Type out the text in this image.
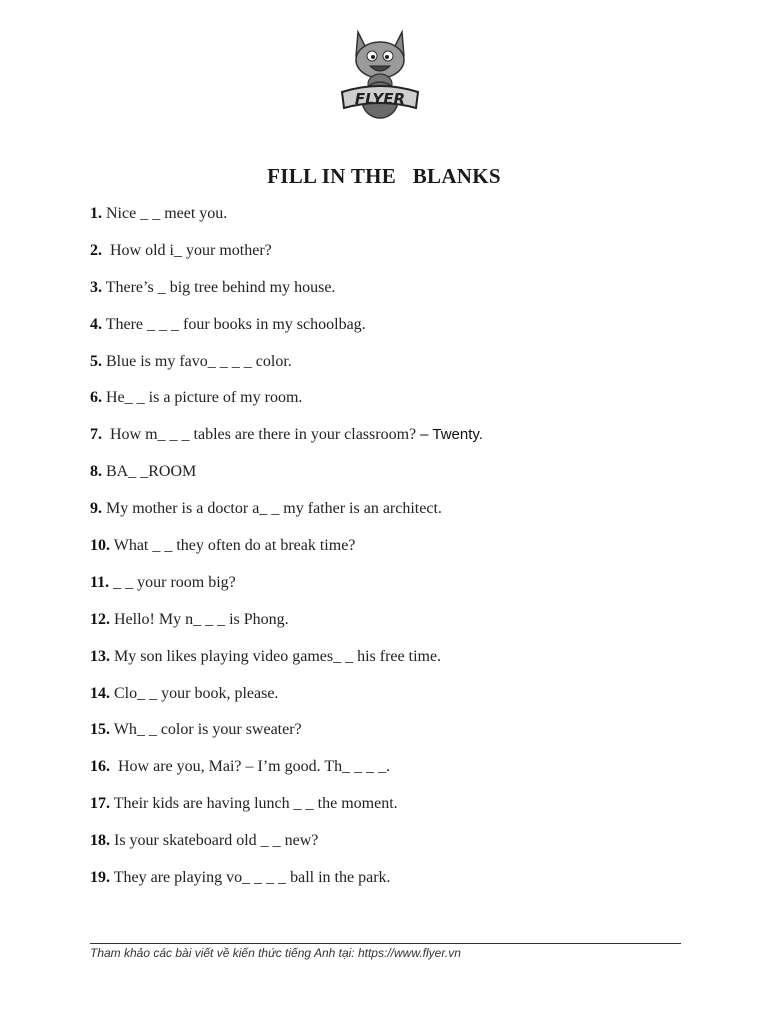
FLYER
FILL IN THE   BLANKS
1. Nice _ _ meet you.
2.  How old i_ your mother?
3. There’s _ big tree behind my house.
4. There _ _ _ four books in my schoolbag.
5. Blue is my favo_ _ _ _ color.
6. He_ _ is a picture of my room.
7.  How m_ _ _ tables are there in your classroom? – Twenty.
8. BA_ _ROOM
9. My mother is a doctor a_ _ my father is an architect.
10. What _ _ they often do at break time?
11. _ _ your room big?
12. Hello! My n_ _ _ is Phong.
13. My son likes playing video games_ _ his free time.
14. Clo_ _ your book, please.
15. Wh_ _ color is your sweater?
16.  How are you, Mai? – I’m good. Th_ _ _ _.
17. Their kids are having lunch _ _ the moment.
18. Is your skateboard old _ _ new?
19. They are playing vo_ _ _ _ ball in the park.
Tham khảo các bài viết về kiến thức tiếng Anh tại: https://www.flyer.vn
